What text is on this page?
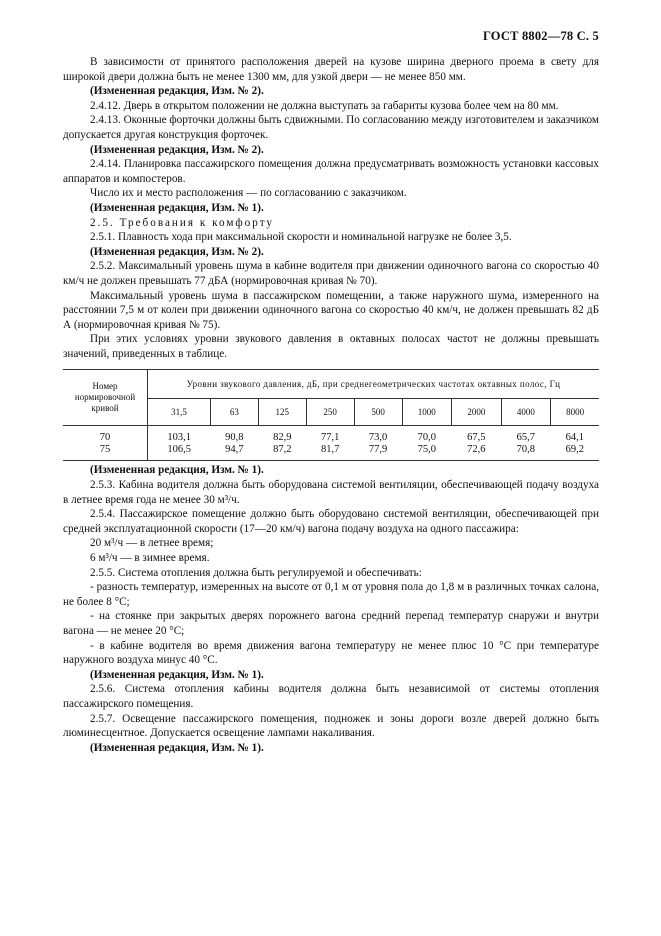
ГОСТ 8802—78 С. 5

В зависимости от принятого расположения дверей на кузове ширина дверного проема в свету для широкой двери должна быть не менее 1300 мм, для узкой двери — не менее 850 мм.

(Измененная редакция, Изм. № 2).

2.4.12. Дверь в открытом положении не должна выступать за габариты кузова более чем на 80 мм.

2.4.13. Оконные форточки должны быть сдвижными. По согласованию между изготовителем и заказчиком допускается другая конструкция форточек.

(Измененная редакция, Изм. № 2).

2.4.14. Планировка пассажирского помещения должна предусматривать возможность установки кассовых аппаратов и компостеров.

Число их и место расположения — по согласованию с заказчиком.

(Измененная редакция, Изм. № 1).

2.5. Требования к комфорту

2.5.1. Плавность хода при максимальной скорости и номинальной нагрузке не более 3,5.

(Измененная редакция, Изм. № 2).

2.5.2. Максимальный уровень шума в кабине водителя при движении одиночного вагона со скоростью 40 км/ч не должен превышать 77 дБА (нормировочная кривая № 70).

Максимальный уровень шума в пассажирском помещении, а также наружного шума, измеренного на расстоянии 7,5 м от колеи при движении одиночного вагона со скоростью 40 км/ч, не должен превышать 82 дБ А (нормировочная кривая № 75).

При этих условиях уровни звукового давления в октавных полосах частот не должны превышать значений, приведенных в таблице.

Номер нормировочной кривой	Уровни звукового давления, дБ, при среднегеометрических частотах октавных полос, Гц								
	31,5	63	125	250	500	1000	2000	4000	8000
70	103,1	90,8	82,9	77,1	73,0	70,0	67,5	65,7	64,1
75	106,5	94,7	87,2	81,7	77,9	75,0	72,6	70,8	69,2

(Измененная редакция, Изм. № 1).

2.5.3. Кабина водителя должна быть оборудована системой вентиляции, обеспечивающей подачу воздуха в летнее время года не менее 30 м³/ч.

2.5.4. Пассажирское помещение должно быть оборудовано системой вентиляции, обеспечивающей при средней эксплуатационной скорости (17—20 км/ч) вагона подачу воздуха на одного пассажира:

20 м³/ч — в летнее время;

6 м³/ч — в зимнее время.

2.5.5. Система отопления должна быть регулируемой и обеспечивать:

- разность температур, измеренных на высоте от 0,1 м от уровня пола до 1,8 м в различных точках салона, не более 8 °С;

- на стоянке при закрытых дверях порожнего вагона средний перепад температур снаружи и внутри вагона — не менее 20 °С;

- в кабине водителя во время движения вагона температуру не менее плюс 10 °С при температуре наружного воздуха минус 40 °С.

(Измененная редакция, Изм. № 1).

2.5.6. Система отопления кабины водителя должна быть независимой от системы отопления пассажирского помещения.

2.5.7. Освещение пассажирского помещения, подножек и зоны дороги возле дверей должно быть люминесцентное. Допускается освещение лампами накаливания.

(Измененная редакция, Изм. № 1).
